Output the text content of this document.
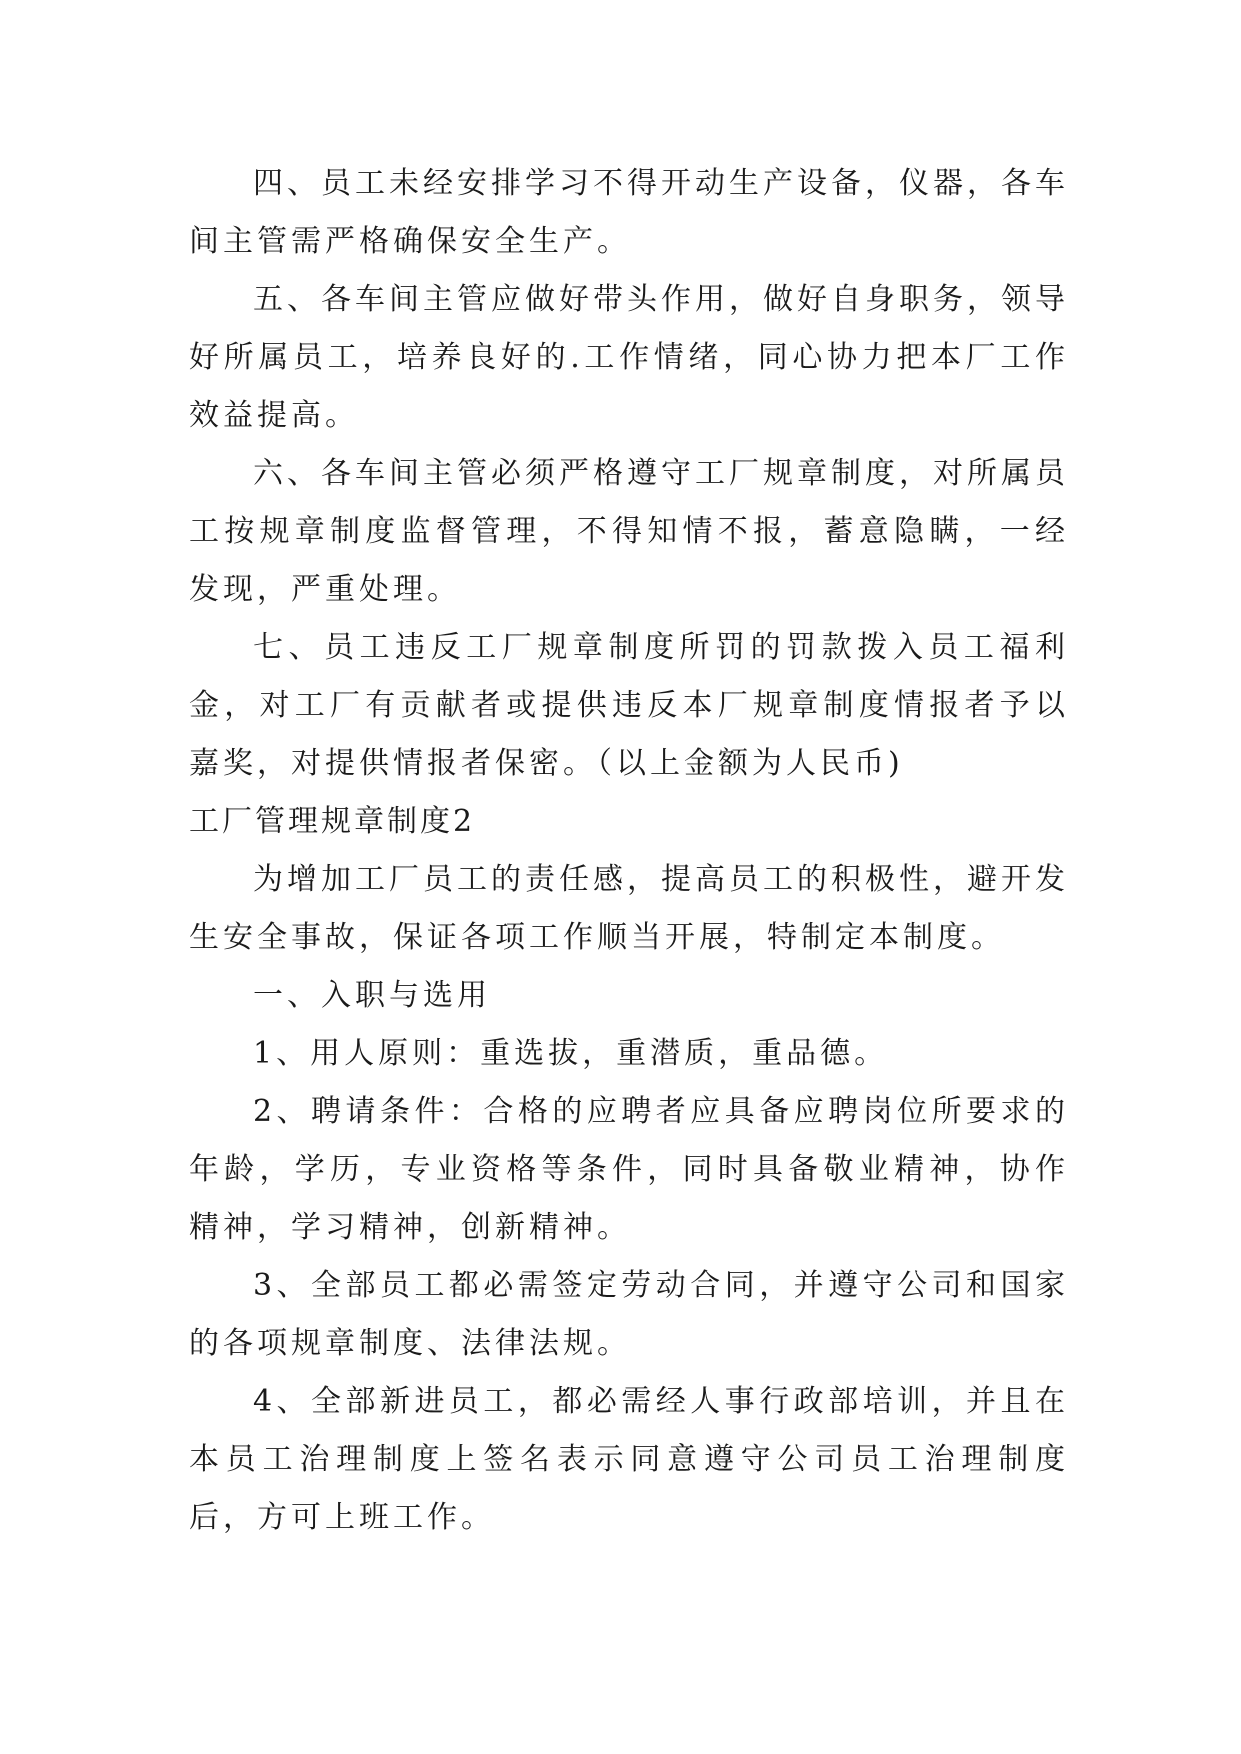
四、员工未经安排学习不得开动生产设备，仪器，各车间主管需严格确保安全生产。

五、各车间主管应做好带头作用，做好自身职务，领导好所属员工，培养良好的.工作情绪，同心协力把本厂工作效益提高。

六、各车间主管必须严格遵守工厂规章制度，对所属员工按规章制度监督管理，不得知情不报，蓄意隐瞒，一经发现，严重处理。

七、员工违反工厂规章制度所罚的罚款拨入员工福利金，对工厂有贡献者或提供违反本厂规章制度情报者予以嘉奖，对提供情报者保密。（以上金额为人民币)

工厂管理规章制度2

为增加工厂员工的责任感，提高员工的积极性，避开发生安全事故，保证各项工作顺当开展，特制定本制度。

一、入职与选用

1、用人原则：重选拔，重潜质，重品德。

2、聘请条件：合格的应聘者应具备应聘岗位所要求的年龄，学历，专业资格等条件，同时具备敬业精神，协作精神，学习精神，创新精神。

3、全部员工都必需签定劳动合同，并遵守公司和国家的各项规章制度、法律法规。

4、全部新进员工，都必需经人事行政部培训，并且在本员工治理制度上签名表示同意遵守公司员工治理制度后，方可上班工作。
